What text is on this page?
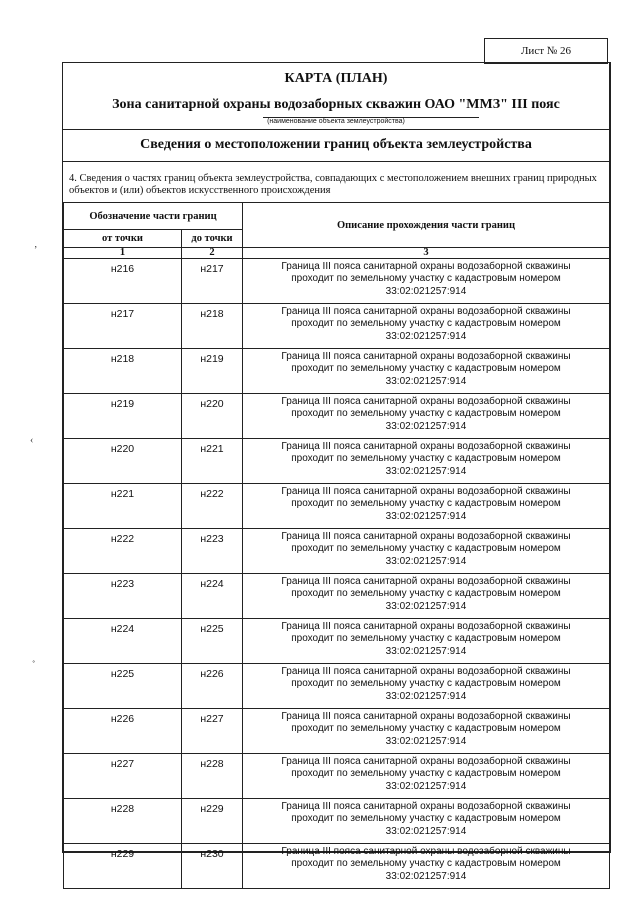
Лист № 26
КАРТА (ПЛАН)
Зона санитарной охраны водозаборных скважин ОАО "ММЗ" III пояс
(наименование объекта землеустройства)
Сведения о местоположении границ объекта землеустройства
4. Сведения о частях границ объекта землеустройства, совпадающих с местоположением внешних границ природных объектов и (или) объектов искусственного происхождения
Обозначение части границ		Описание прохождения части границ
от точки	до точки	
1	2	3
н216	н217	Граница III пояса санитарной охраны водозаборной скважины
проходит по земельному участку с кадастровым номером
33:02:021257:914

н217	н218	Граница III пояса санитарной охраны водозаборной скважины
проходит по земельному участку с кадастровым номером
33:02:021257:914

н218	н219	Граница III пояса санитарной охраны водозаборной скважины
проходит по земельному участку с кадастровым номером
33:02:021257:914

н219	н220	Граница III пояса санитарной охраны водозаборной скважины
проходит по земельному участку с кадастровым номером
33:02:021257:914

н220	н221	Граница III пояса санитарной охраны водозаборной скважины
проходит по земельному участку с кадастровым номером
33:02:021257:914

н221	н222	Граница III пояса санитарной охраны водозаборной скважины
проходит по земельному участку с кадастровым номером
33:02:021257:914

н222	н223	Граница III пояса санитарной охраны водозаборной скважины
проходит по земельному участку с кадастровым номером
33:02:021257:914

н223	н224	Граница III пояса санитарной охраны водозаборной скважины
проходит по земельному участку с кадастровым номером
33:02:021257:914

н224	н225	Граница III пояса санитарной охраны водозаборной скважины
проходит по земельному участку с кадастровым номером
33:02:021257:914

н225	н226	Граница III пояса санитарной охраны водозаборной скважины
проходит по земельному участку с кадастровым номером
33:02:021257:914

н226	н227	Граница III пояса санитарной охраны водозаборной скважины
проходит по земельному участку с кадастровым номером
33:02:021257:914

н227	н228	Граница III пояса санитарной охраны водозаборной скважины
проходит по земельному участку с кадастровым номером
33:02:021257:914

н228	н229	Граница III пояса санитарной охраны водозаборной скважины
проходит по земельному участку с кадастровым номером
33:02:021257:914

н229	н230	Граница III пояса санитарной охраны водозаборной скважины
проходит по земельному участку с кадастровым номером
33:02:021257:914
ʼ
‹
˚
